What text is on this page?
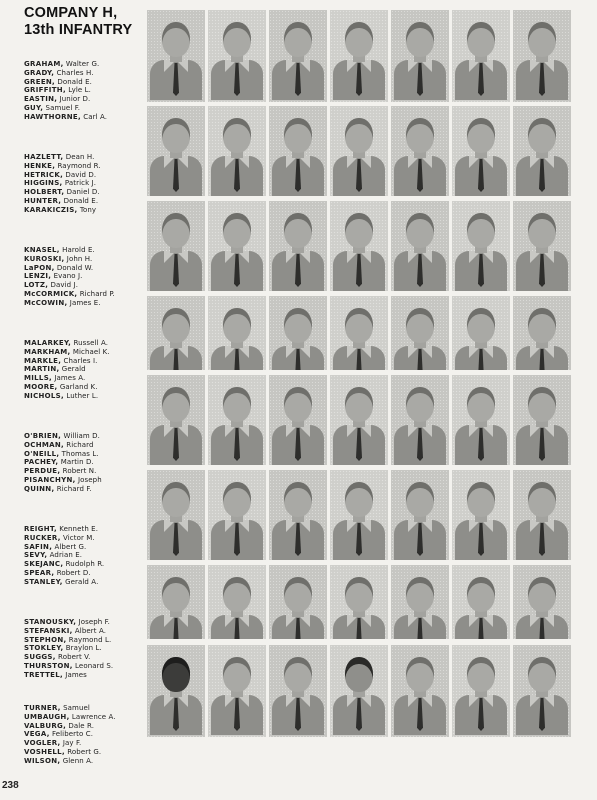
COMPANY H,
13th INFANTRY
GRAHAM, Walter G.
GRADY, Charles H.
GREEN, Donald E.
GRIFFITH, Lyle L.
EASTIN, Junior D.
GUY, Samuel F.
HAWTHORNE, Carl A.
HAZLETT, Dean H.
HENKE, Raymond R.
HETRICK, David D.
HIGGINS, Patrick J.
HOLBERT, Daniel D.
HUNTER, Donald E.
KARAKICZIS, Tony
KNASEL, Harold E.
KUROSKI, John H.
LaPON, Donald W.
LENZI, Evano J.
LOTZ, David J.
McCORMICK, Richard P.
McCOWIN, James E.
MALARKEY, Russell A.
MARKHAM, Michael K.
MARKLE, Charles I.
MARTIN, Gerald
MILLS, James A.
MOORE, Garland K.
NICHOLS, Luther L.
O'BRIEN, William D.
OCHMAN, Richard
O'NEILL, Thomas L.
PACHEY, Martin D.
PERDUE, Robert N.
PISANCHYN, Joseph
QUINN, Richard F.
REIGHT, Kenneth E.
RUCKER, Victor M.
SAFIN, Albert G.
SEVY, Adrian E.
SKEJANC, Rudolph R.
SPEAR, Robert D.
STANLEY, Gerald A.
STANOUSKY, Joseph F.
STEFANSKI, Albert A.
STEPHON, Raymond L.
STOKLEY, Braylon L.
SUGGS, Robert V.
THURSTON, Leonard S.
TRETTEL, James
TURNER, Samuel
UMBAUGH, Lawrence A.
VALBURG, Dale R.
VEGA, Feliberto C.
VOGLER, Jay F.
VOSHELL, Robert G.
WILSON, Glenn A.
238
